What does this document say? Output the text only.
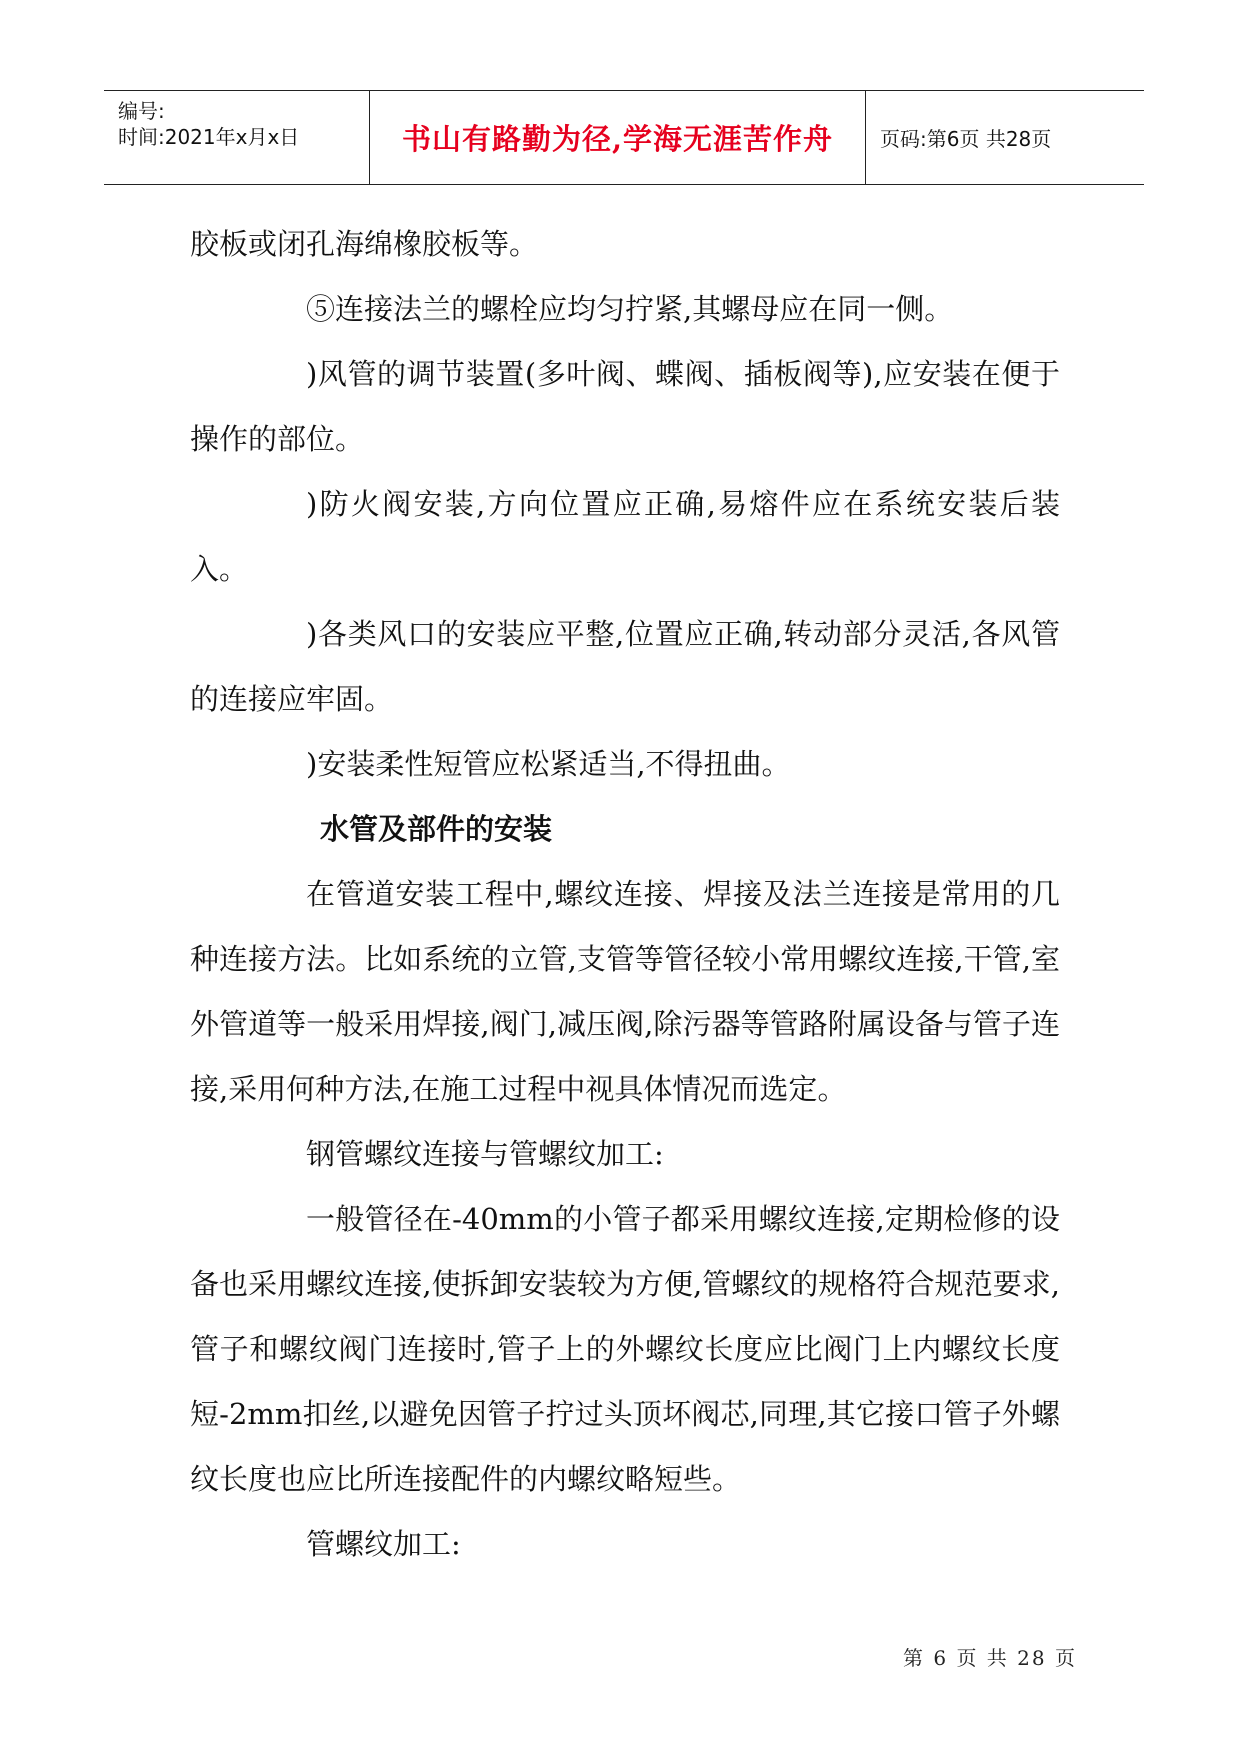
编号:
时间:2021年x月x日	书山有路勤为径,学海无涯苦作舟 页码:第6页 共28页

胶板或闭孔海绵橡胶板等。

⑤连接法兰的螺栓应均匀拧紧,其螺母应在同一侧。

)风管的调节装置(多叶阀、蝶阀、插板阀等),应安装在便于操作的部位。

)防火阀安装,方向位置应正确,易熔件应在系统安装后装入。

)各类风口的安装应平整,位置应正确,转动部分灵活,各风管的连接应牢固。

)安装柔性短管应松紧适当,不得扭曲。

水管及部件的安装

在管道安装工程中,螺纹连接、焊接及法兰连接是常用的几种连接方法。比如系统的立管,支管等管径较小常用螺纹连接,干管,室外管道等一般采用焊接,阀门,减压阀,除污器等管路附属设备与管子连接,采用何种方法,在施工过程中视具体情况而选定。

钢管螺纹连接与管螺纹加工:

一般管径在-40mm的小管子都采用螺纹连接,定期检修的设备也采用螺纹连接,使拆卸安装较为方便,管螺纹的规格符合规范要求,管子和螺纹阀门连接时,管子上的外螺纹长度应比阀门上内螺纹长度短-2mm扣丝,以避免因管子拧过头顶坏阀芯,同理,其它接口管子外螺纹长度也应比所连接配件的内螺纹略短些。

管螺纹加工:

第 6 页 共 28 页
